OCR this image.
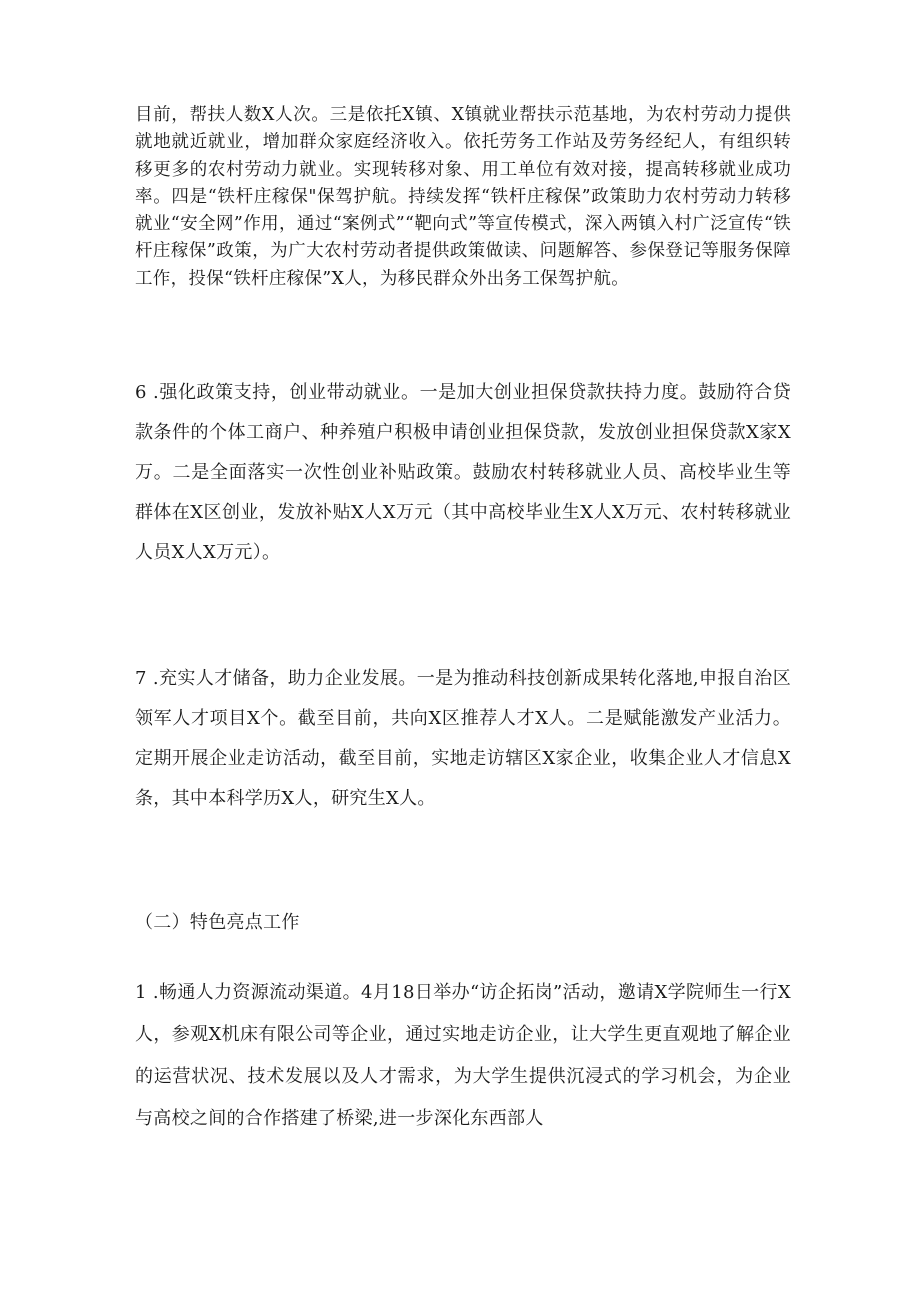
目前，帮扶人数X人次。三是依托X镇、X镇就业帮扶示范基地，为农村劳动力提供就地就近就业，增加群众家庭经济收入。依托劳务工作站及劳务经纪人，有组织转移更多的农村劳动力就业。实现转移对象、用工单位有效对接，提高转移就业成功率。四是“铁杆庄稼保"保驾护航。持续发挥“铁杆庄稼保”政策助力农村劳动力转移就业“安全网”作用，通过“案例式”“靶向式”等宣传模式，深入两镇入村广泛宣传“铁杆庄稼保”政策，为广大农村劳动者提供政策做读、问题解答、参保登记等服务保障工作，投保“铁杆庄稼保”X人，为移民群众外出务工保驾护航。

6 .强化政策支持，创业带动就业。一是加大创业担保贷款扶持力度。鼓励符合贷款条件的个体工商户、种养殖户积极申请创业担保贷款，发放创业担保贷款X家X万。二是全面落实一次性创业补贴政策。鼓励农村转移就业人员、高校毕业生等群体在X区创业，发放补贴X人X万元（其中高校毕业生X人X万元、农村转移就业人员X人X万元）。

7 .充实人才储备，助力企业发展。一是为推动科技创新成果转化落地,申报自治区领军人才项目X个。截至目前，共向X区推荐人才X人。二是赋能激发产业活力。定期开展企业走访活动，截至目前，实地走访辖区X家企业，收集企业人才信息X条，其中本科学历X人，研究生X人。

（二）特色亮点工作

1 .畅通人力资源流动渠道。4月18日举办“访企拓岗”活动，邀请X学院师生一行X人，参观X机床有限公司等企业，通过实地走访企业，让大学生更直观地了解企业的运营状况、技术发展以及人才需求，为大学生提供沉浸式的学习机会，为企业与高校之间的合作搭建了桥梁,进一步深化东西部人
